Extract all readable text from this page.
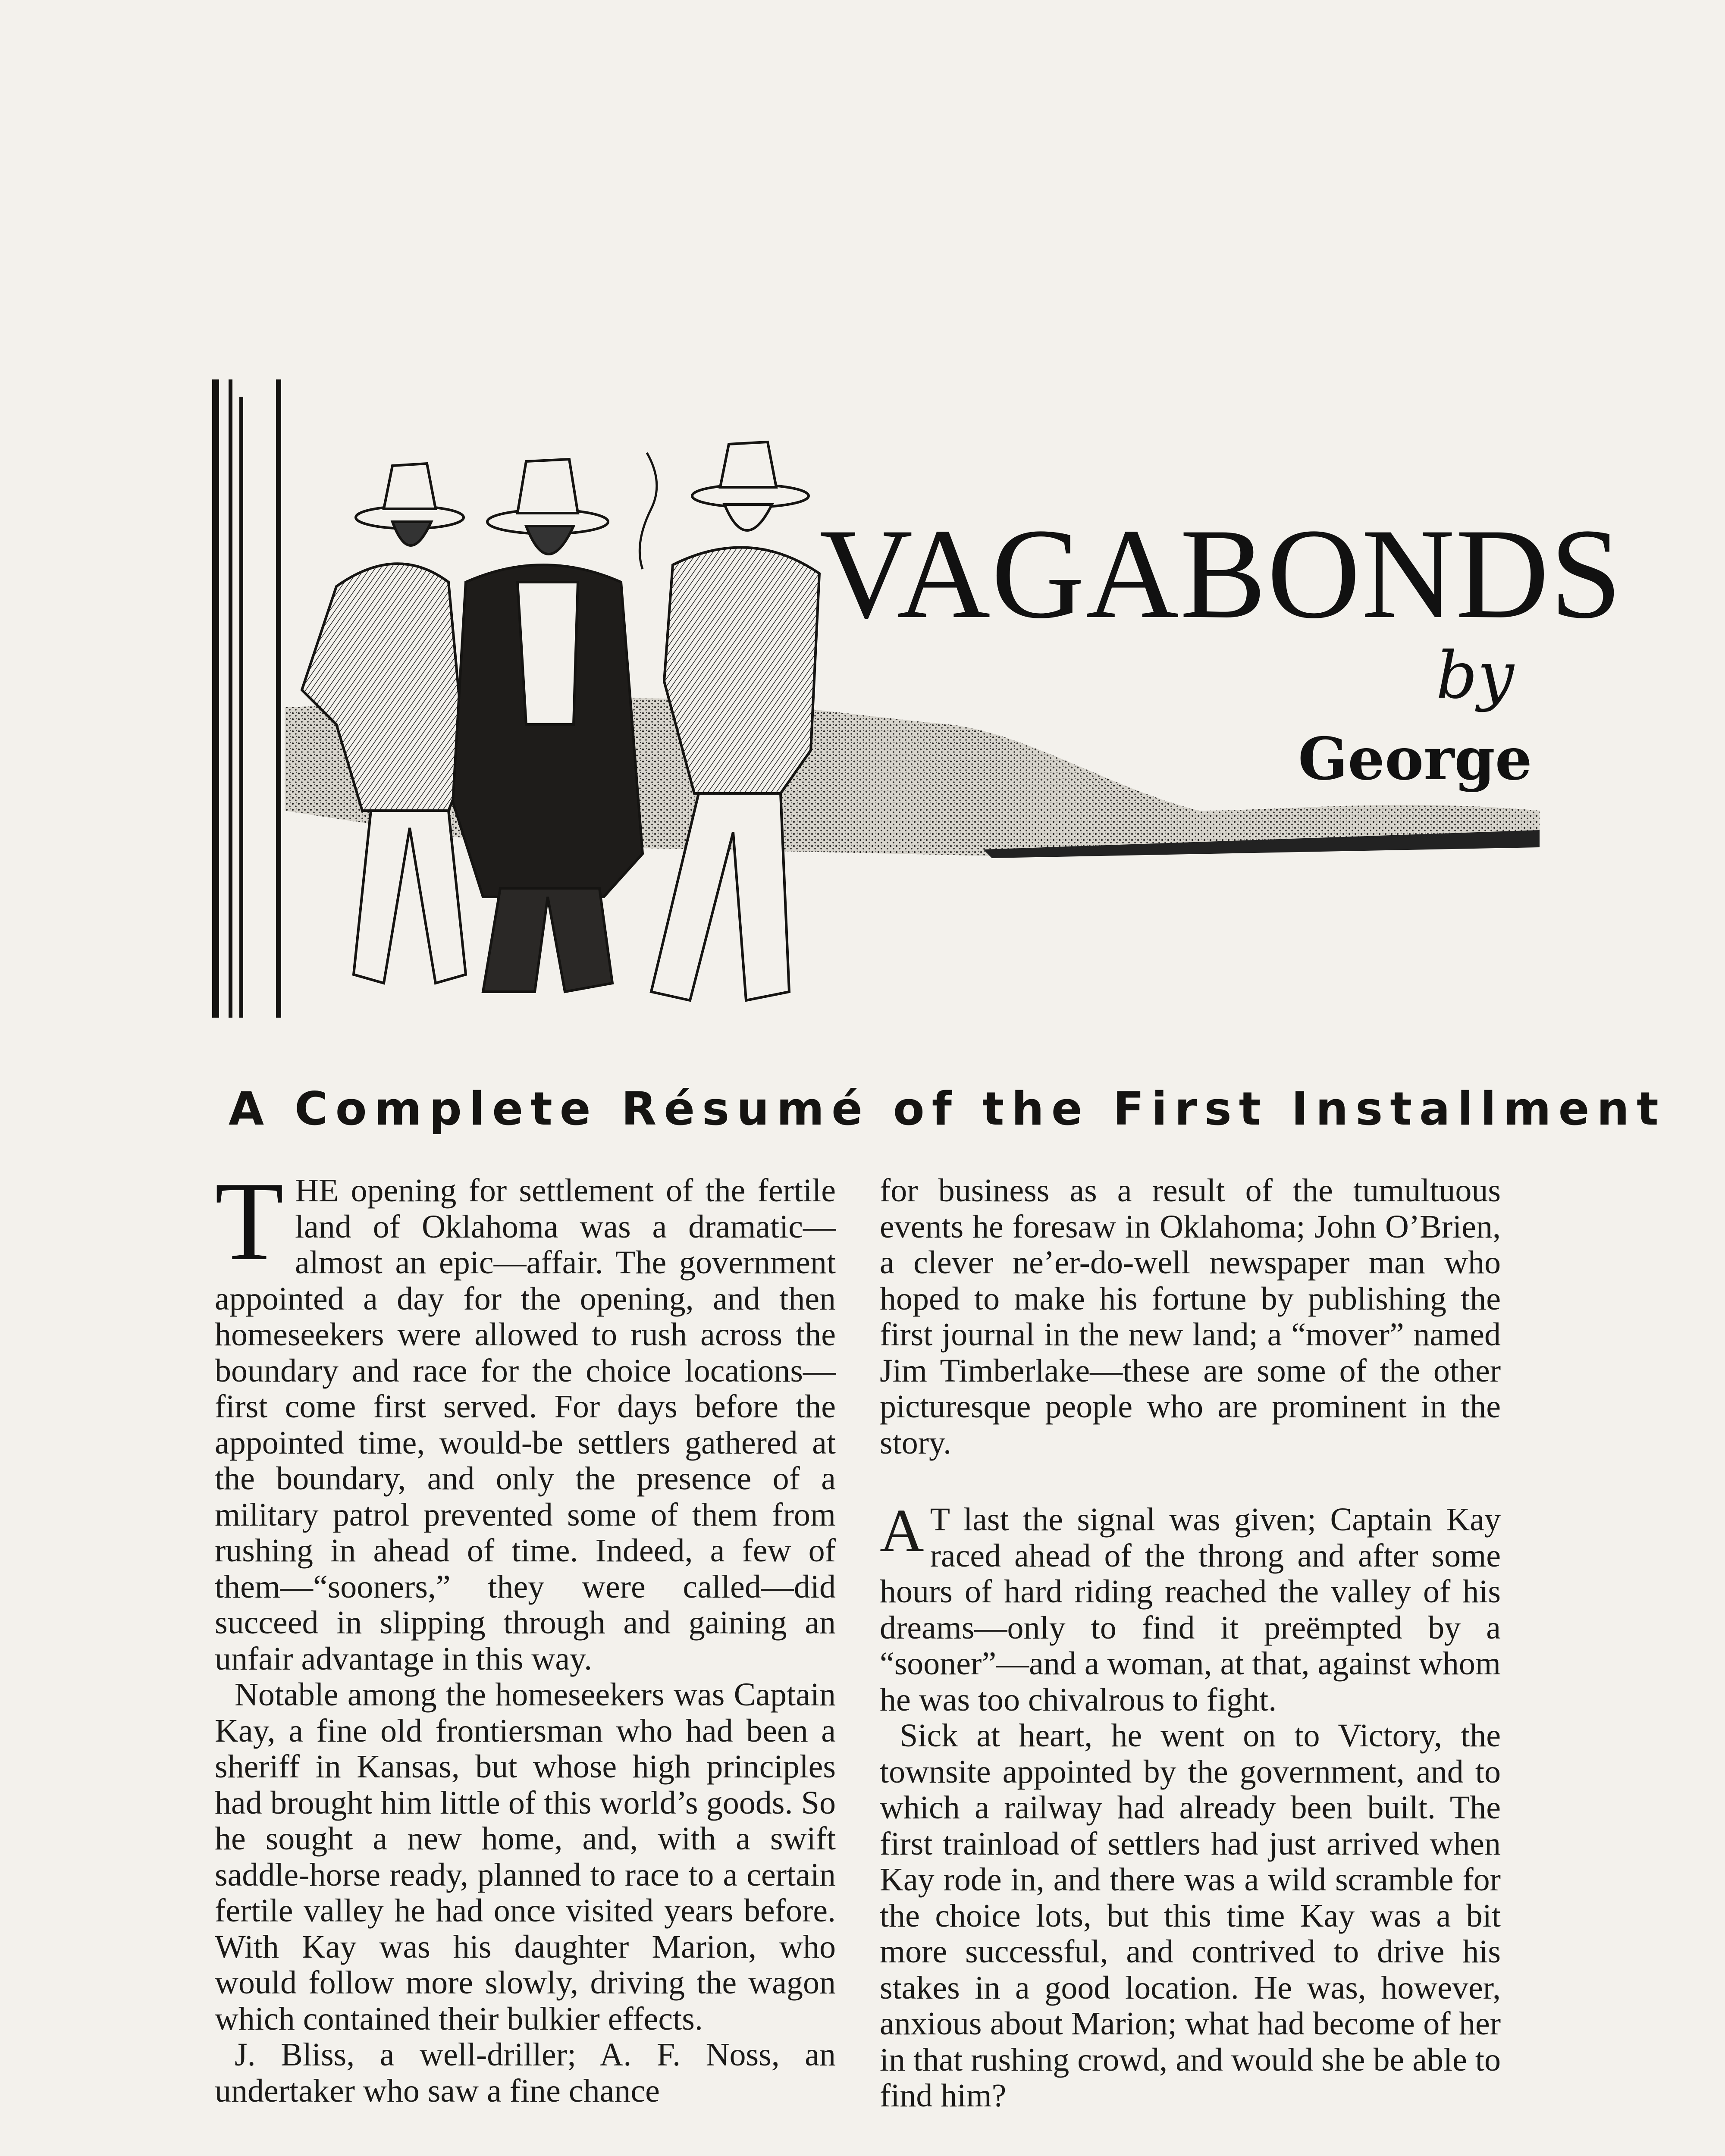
VAGABONDS
by
George
A Complete Résumé of the First Installment

THE opening for settlement of the fertile land of Oklahoma was a dramatic—almost an epic—affair. The government appointed a day for the opening, and then homeseekers were allowed to rush across the boundary and race for the choice locations—first come first served. For days before the appointed time, would-be settlers gathered at the boundary, and only the presence of a military patrol prevented some of them from rushing in ahead of time. Indeed, a few of them—“sooners,” they were called—did succeed in slipping through and gaining an unfair advantage in this way.

Notable among the homeseekers was Captain Kay, a fine old frontiersman who had been a sheriff in Kansas, but whose high principles had brought him little of this world’s goods. So he sought a new home, and, with a swift saddle-horse ready, planned to race to a certain fertile valley he had once visited years before. With Kay was his daughter Marion, who would follow more slowly, driving the wagon which contained their bulkier effects.

J. Bliss, a well-driller; A. F. Noss, an undertaker who saw a fine chance

for business as a result of the tumultuous events he foresaw in Oklahoma; John O’Brien, a clever ne’er-do-well newspaper man who hoped to make his fortune by publishing the first journal in the new land; a “mover” named Jim Timberlake—these are some of the other picturesque people who are prominent in the story.

A T last the signal was given; Captain Kay raced ahead of the throng and after some hours of hard riding reached the valley of his dreams—only to find it preëmpted by a “sooner”—and a woman, at that, against whom he was too chivalrous to fight.

Sick at heart, he went on to Victory, the townsite appointed by the government, and to which a railway had already been built. The first trainload of settlers had just arrived when Kay rode in, and there was a wild scramble for the choice lots, but this time Kay was a bit more successful, and contrived to drive his stakes in a good location. He was, however, anxious about Marion; what had become of her in that rushing crowd, and would she be able to find him?
